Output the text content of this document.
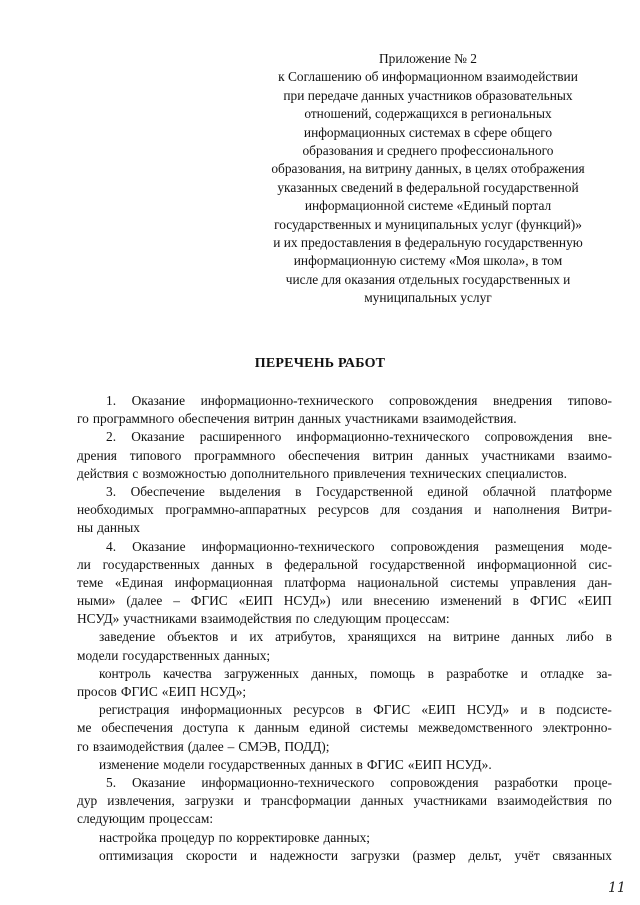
Приложение № 2
к Соглашению об информационном взаимодействии
при передаче данных участников образовательных
отношений, содержащихся в региональных
информационных системах в сфере общего
образования и среднего профессионального
образования, на витрину данных, в целях отображения
указанных сведений в федеральной государственной
информационной системе «Единый портал
государственных и муниципальных услуг (функций)»
и их предоставления в федеральную государственную
информационную систему «Моя школа», в том
числе для оказания отдельных государственных и
муниципальных услуг
ПЕРЕЧЕНЬ РАБОТ
1. Оказание информационно-технического сопровождения внедрения типово-
го программного обеспечения витрин данных участниками взаимодействия.
2. Оказание расширенного информационно-технического сопровождения вне-
дрения типового программного обеспечения витрин данных участниками взаимо-
действия с возможностью дополнительного привлечения технических специалистов.
3. Обеспечение выделения в Государственной единой облачной платформе
необходимых программно-аппаратных ресурсов для создания и наполнения Витри-
ны данных
4. Оказание информационно-технического сопровождения размещения моде-
ли государственных данных в федеральной государственной информационной сис-
теме «Единая информационная платформа национальной системы управления дан-
ными» (далее – ФГИС «ЕИП НСУД») или внесению изменений в ФГИС «ЕИП
НСУД» участниками взаимодействия по следующим процессам:
заведение объектов и их атрибутов, хранящихся на витрине данных либо в
модели государственных данных;
контроль качества загруженных данных, помощь в разработке и отладке за-
просов ФГИС «ЕИП НСУД»;
регистрация информационных ресурсов в ФГИС «ЕИП НСУД» и в подсисте-
ме обеспечения доступа к данным единой системы межведомственного электронно-
го взаимодействия (далее – СМЭВ, ПОДД);
изменение модели государственных данных в ФГИС «ЕИП НСУД».
5. Оказание информационно-технического сопровождения разработки проце-
дур извлечения, загрузки и трансформации данных участниками взаимодействия по
следующим процессам:
настройка процедур по корректировке данных;
оптимизация скорости и надежности загрузки (размер дельт, учёт связанных
11
